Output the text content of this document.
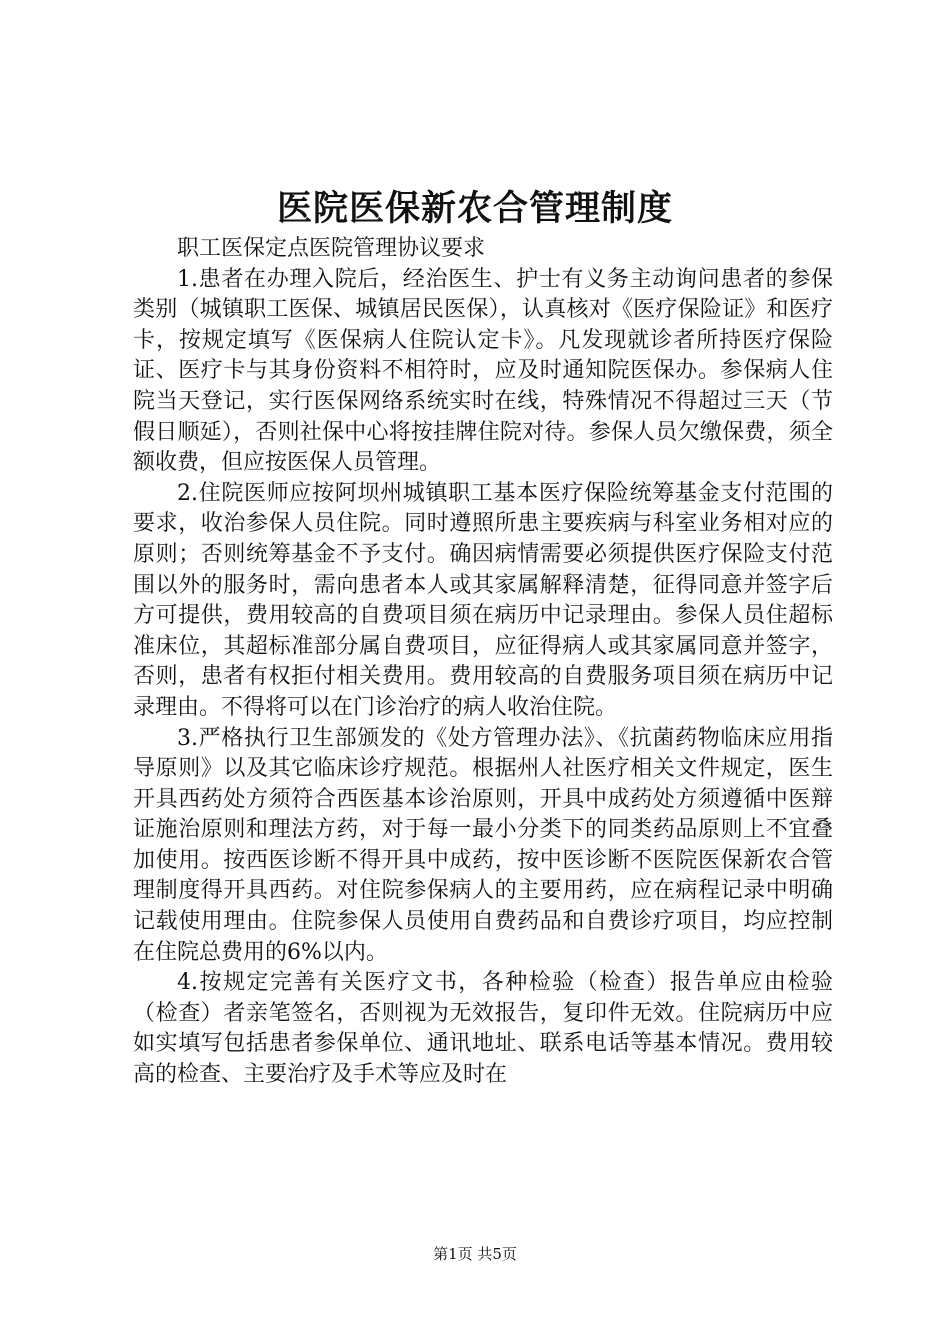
医院医保新农合管理制度

职工医保定点医院管理协议要求

1.患者在办理入院后，经治医生、护士有义务主动询问患者的参保类别（城镇职工医保、城镇居民医保），认真核对《医疗保险证》和医疗卡，按规定填写《医保病人住院认定卡》。凡发现就诊者所持医疗保险证、医疗卡与其身份资料不相符时，应及时通知院医保办。参保病人住院当天登记，实行医保网络系统实时在线，特殊情况不得超过三天（节假日顺延），否则社保中心将按挂牌住院对待。参保人员欠缴保费，须全额收费，但应按医保人员管理。

2.住院医师应按阿坝州城镇职工基本医疗保险统筹基金支付范围的要求，收治参保人员住院。同时遵照所患主要疾病与科室业务相对应的原则；否则统筹基金不予支付。确因病情需要必须提供医疗保险支付范围以外的服务时，需向患者本人或其家属解释清楚，征得同意并签字后方可提供，费用较高的自费项目须在病历中记录理由。参保人员住超标准床位，其超标准部分属自费项目，应征得病人或其家属同意并签字，否则，患者有权拒付相关费用。费用较高的自费服务项目须在病历中记录理由。不得将可以在门诊治疗的病人收治住院。

3.严格执行卫生部颁发的《处方管理办法》、《抗菌药物临床应用指导原则》以及其它临床诊疗规范。根据州人社医疗相关文件规定，医生开具西药处方须符合西医基本诊治原则，开具中成药处方须遵循中医辩证施治原则和理法方药，对于每一最小分类下的同类药品原则上不宜叠加使用。按西医诊断不得开具中成药，按中医诊断不医院医保新农合管理制度得开具西药。对住院参保病人的主要用药，应在病程记录中明确记载使用理由。住院参保人员使用自费药品和自费诊疗项目，均应控制在住院总费用的6%以内。

4.按规定完善有关医疗文书，各种检验（检查）报告单应由检验（检查）者亲笔签名，否则视为无效报告，复印件无效。住院病历中应如实填写包括患者参保单位、通讯地址、联系电话等基本情况。费用较高的检查、主要治疗及手术等应及时在

第1页 共5页
